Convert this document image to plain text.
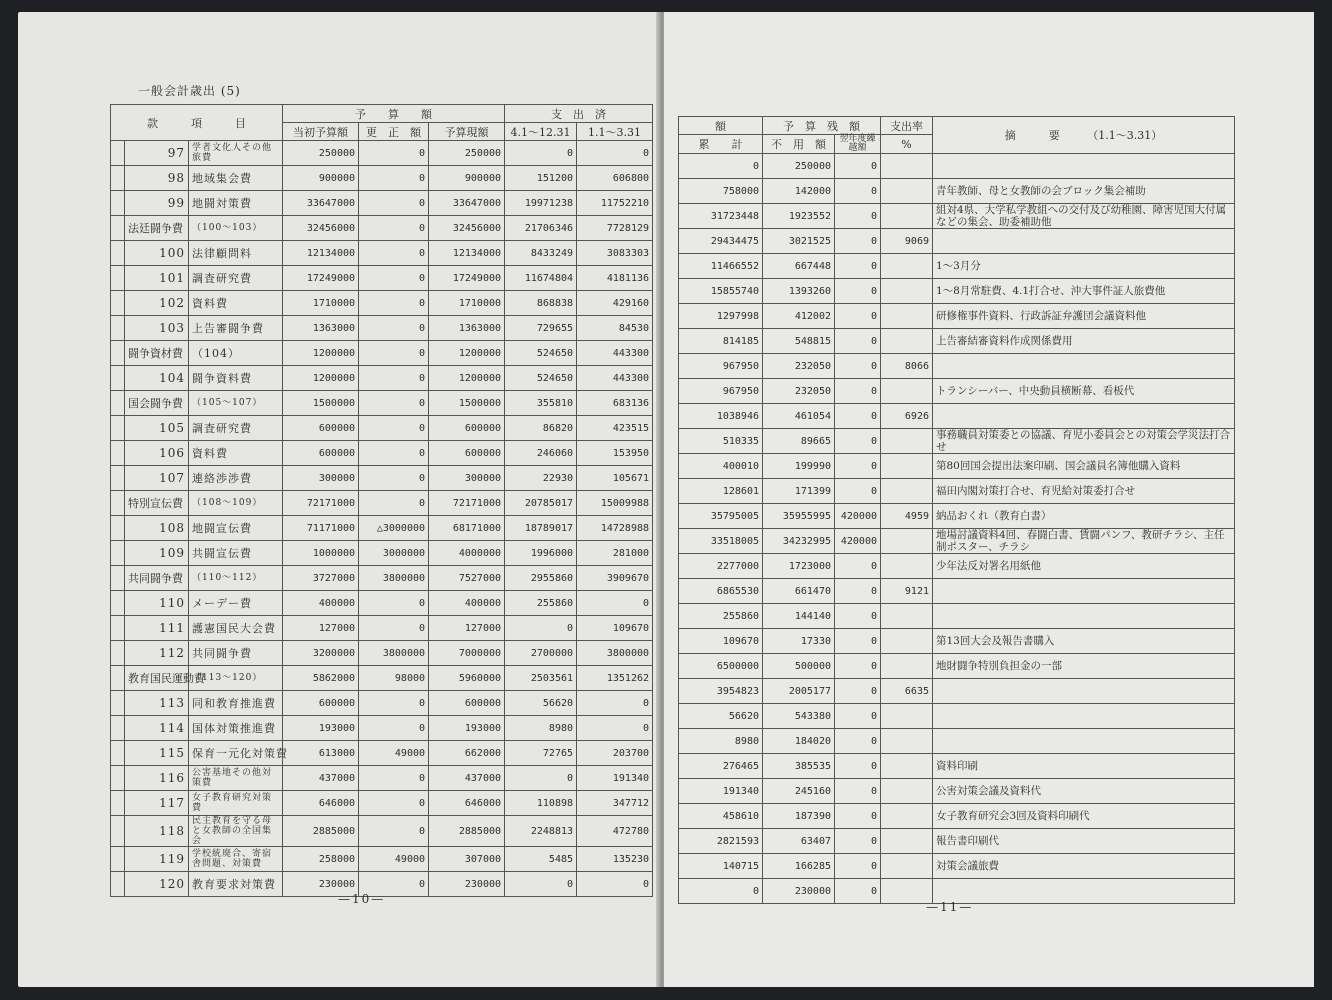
一般会計歳出 (5)
款　　　項　　　目			予　　算　　額			支　出　済	
			当初予算額	更　正　額	予算現額	4.1～12.31	1.1～3.31
	97	学者文化人その他旅費	250000	0	250000	0	0
	98	地域集会費	900000	0	900000	151200	606800
	99	地闘対策費	33647000	0	33647000	19971238	11752210
	法廷闘争費	（100～103）	32456000	0	32456000	21706346	7728129
	100	法律顧問料	12134000	0	12134000	8433249	3083303
	101	調査研究費	17249000	0	17249000	11674804	4181136
	102	資料費	1710000	0	1710000	868838	429160
	103	上告審闘争費	1363000	0	1363000	729655	84530
	闘争資材費	（104）	1200000	0	1200000	524650	443300
	104	闘争資料費	1200000	0	1200000	524650	443300
	国会闘争費	（105～107）	1500000	0	1500000	355810	683136
	105	調査研究費	600000	0	600000	86820	423515
	106	資料費	600000	0	600000	246060	153950
	107	連絡渉渉費	300000	0	300000	22930	105671
	特別宣伝費	（108～109）	72171000	0	72171000	20785017	15009988
	108	地闘宣伝費	71171000	△3000000	68171000	18789017	14728988
	109	共闘宣伝費	1000000	3000000	4000000	1996000	281000
	共同闘争費	（110～112）	3727000	3800000	7527000	2955860	3909670
	110	メーデー費	400000	0	400000	255860	0
	111	護憲国民大会費	127000	0	127000	0	109670
	112	共同闘争費	3200000	3800000	7000000	2700000	3800000
	教育国民運動費	（113～120）	5862000	98000	5960000	2503561	1351262
	113	同和教育推進費	600000	0	600000	56620	0
	114	国体対策推進費	193000	0	193000	8980	0
	115	保育一元化対策費	613000	49000	662000	72765	203700
	116	公害基地その他対策費	437000	0	437000	0	191340
	117	女子教育研究対策費	646000	0	646000	110898	347712
	118	民主教育を守る母と女教師の全国集会	2885000	0	2885000	2248813	472780
	119	学校統廃合、寄宿舎問題、対策費	258000	49000	307000	5485	135230
	120	教育要求対策費	230000	0	230000	0	0
—10—
額	予　算　残　額		支出率	摘　　　要　　　（1.1～3.31）
累　　計	不　用　額	翌年度繰越額	%	
0	250000	0		
758000	142000	0		青年教師、母と女教師の会ブロック集会補助
31723448	1923552	0		組対4県、大学私学教組への交付及び幼稚園、障害児国大付属などの集会、助委補助他
29434475	3021525	0	9069	
11466552	667448	0		1～3月分
15855740	1393260	0		1～8月常駐費、4.1打合せ、沖大事件証人旅費他
1297998	412002	0		研修権事件資料、行政訴証弁護団会議資料他
814185	548815	0		上告審結審資料作成関係費用
967950	232050	0	8066	
967950	232050	0		トランシーバー、中央動員横断幕、看板代
1038946	461054	0	6926	
510335	89665	0		事務職員対策委との協議、育児小委員会との対策会学災法打合せ
400010	199990	0		第80回国会提出法案印刷、国会議員名簿他購入資料
128601	171399	0		福田内閣対策打合せ、育児給対策委打合せ
35795005	35955995	420000	4959	納品おくれ（教育白書）
33518005	34232995	420000		地場討議資料4回、春闘白書、賃闘パンフ、教研チラシ、主任制ポスター、チラシ
2277000	1723000	0		少年法反対署名用紙他
6865530	661470	0	9121	
255860	144140	0		
109670	17330	0		第13回大会及報告書購入
6500000	500000	0		地財闘争特別負担金の一部
3954823	2005177	0	6635	
56620	543380	0		
8980	184020	0		
276465	385535	0		資料印刷
191340	245160	0		公害対策会議及資料代
458610	187390	0		女子教育研究会3回及資料印刷代
2821593	63407	0		報告書印刷代
140715	166285	0		対策会議旅費
0	230000	0		
—11—
